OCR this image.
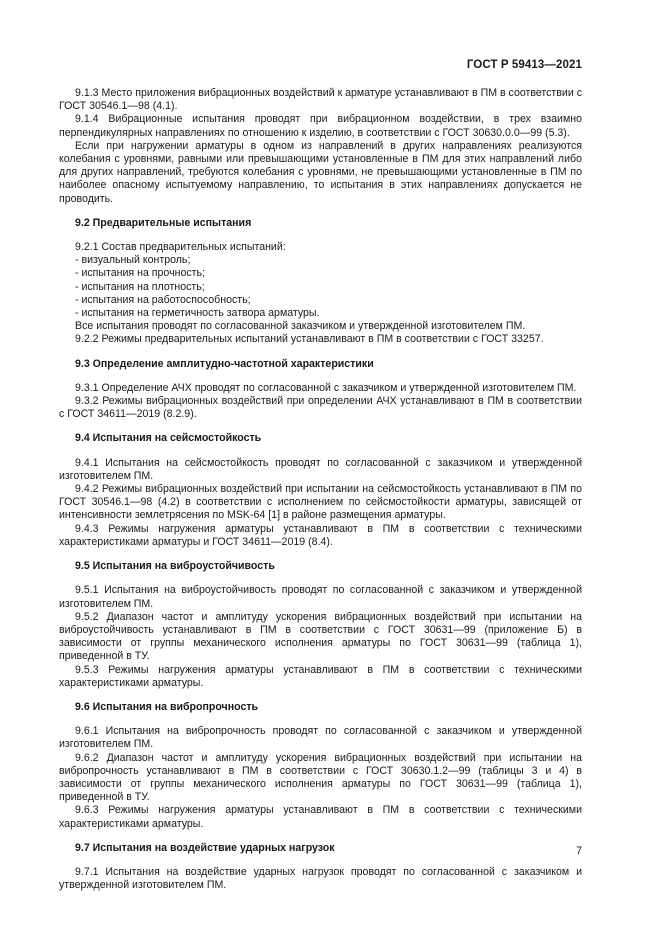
ГОСТ Р 59413—2021

9.1.3 Место приложения вибрационных воздействий к арматуре устанавливают в ПМ в соответствии с ГОСТ 30546.1—98 (4.1).

9.1.4 Вибрационные испытания проводят при вибрационном воздействии, в трех взаимно перпендикулярных направлениях по отношению к изделию, в соответствии с ГОСТ 30630.0.0—99 (5.3).

Если при нагружении арматуры в одном из направлений в других направлениях реализуются колебания с уровнями, равными или превышающими установленные в ПМ для этих направлений либо для других направлений, требуются колебания с уровнями, не превышающими установленные в ПМ по наиболее опасному испытуемому направлению, то испытания в этих направлениях допускается не проводить.

9.2 Предварительные испытания

9.2.1 Состав предварительных испытаний:

- визуальный контроль;

- испытания на прочность;

- испытания на плотность;

- испытания на работоспособность;

- испытания на герметичность затвора арматуры.

Все испытания проводят по согласованной заказчиком и утвержденной изготовителем ПМ.

9.2.2 Режимы предварительных испытаний устанавливают в ПМ в соответствии с ГОСТ 33257.

9.3 Определение амплитудно-частотной характеристики

9.3.1 Определение АЧХ проводят по согласованной с заказчиком и утвержденной изготовителем ПМ.

9.3.2 Режимы вибрационных воздействий при определении АЧХ устанавливают в ПМ в соответствии с ГОСТ 34611—2019 (8.2.9).

9.4 Испытания на сейсмостойкость

9.4.1 Испытания на сейсмостойкость проводят по согласованной с заказчиком и утвержденной изготовителем ПМ.

9.4.2 Режимы вибрационных воздействий при испытании на сейсмостойкость устанавливают в ПМ по ГОСТ 30546.1—98 (4.2) в соответствии с исполнением по сейсмостойкости арматуры, зависящей от интенсивности землетрясения по MSK-64 [1] в районе размещения арматуры.

9.4.3 Режимы нагружения арматуры устанавливают в ПМ в соответствии с техническими характеристиками арматуры и ГОСТ 34611—2019 (8.4).

9.5 Испытания на виброустойчивость

9.5.1 Испытания на виброустойчивость проводят по согласованной с заказчиком и утвержденной изготовителем ПМ.

9.5.2 Диапазон частот и амплитуду ускорения вибрационных воздействий при испытании на виброустойчивость устанавливают в ПМ в соответствии с ГОСТ 30631—99 (приложение Б) в зависимости от группы механического исполнения арматуры по ГОСТ 30631—99 (таблица 1), приведенной в ТУ.

9.5.3 Режимы нагружения арматуры устанавливают в ПМ в соответствии с техническими характеристиками арматуры.

9.6 Испытания на вибропрочность

9.6.1 Испытания на вибропрочность проводят по согласованной с заказчиком и утвержденной изготовителем ПМ.

9.6.2 Диапазон частот и амплитуду ускорения вибрационных воздействий при испытании на вибропрочность устанавливают в ПМ в соответствии с ГОСТ 30630.1.2—99 (таблицы 3 и 4) в зависимости от группы механического исполнения арматуры по ГОСТ 30631—99 (таблица 1), приведенной в ТУ.

9.6.3 Режимы нагружения арматуры устанавливают в ПМ в соответствии с техническими характеристиками арматуры.

9.7 Испытания на воздействие ударных нагрузок

9.7.1 Испытания на воздействие ударных нагрузок проводят по согласованной с заказчиком и утвержденной изготовителем ПМ.

7
